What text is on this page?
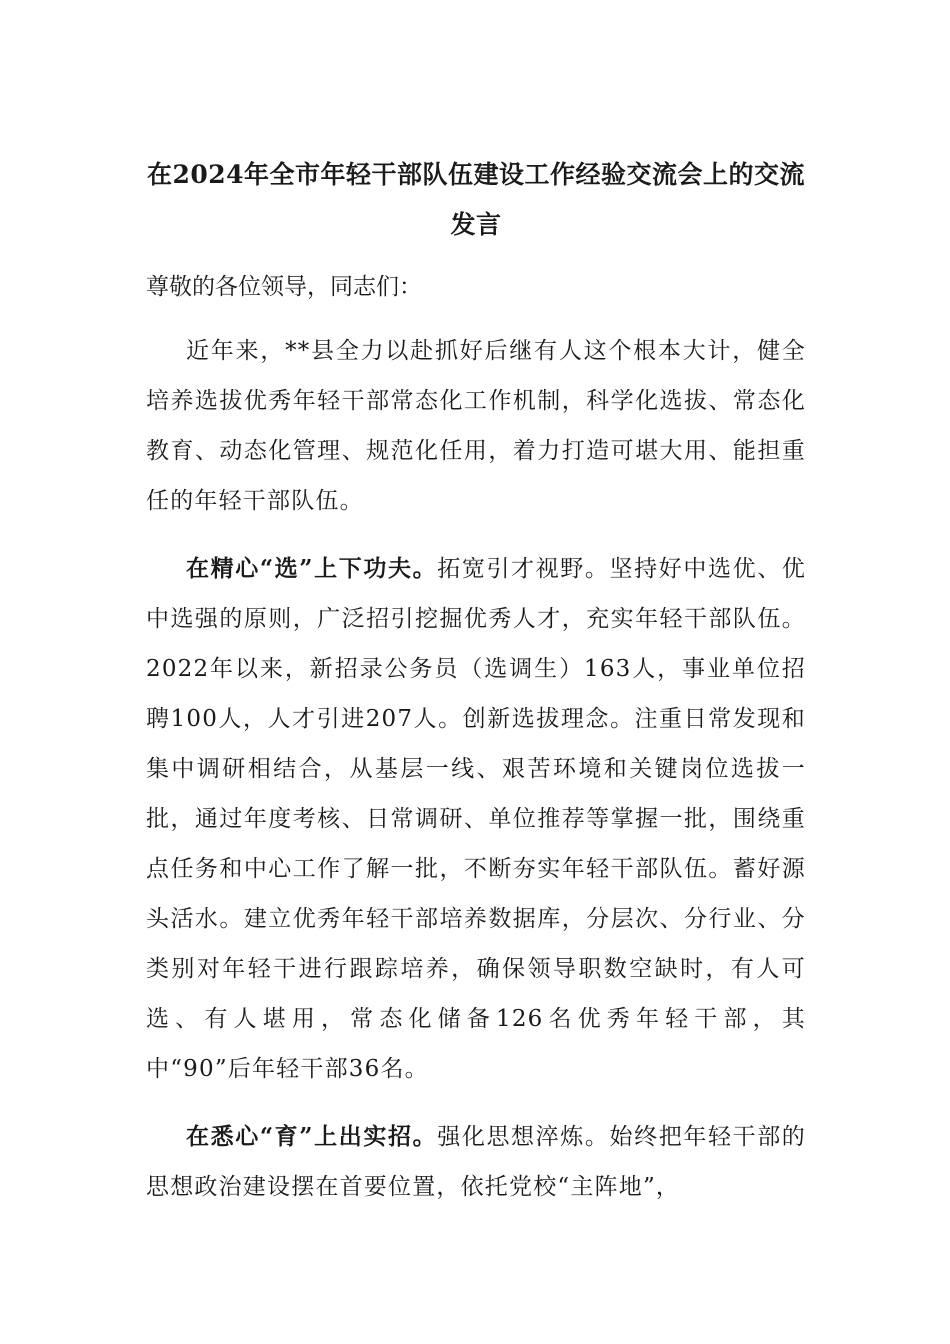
在2024年全市年轻干部队伍建设工作经验交流会上的交流发言

尊敬的各位领导，同志们：

近年来，**县全力以赴抓好后继有人这个根本大计，健全培养选拔优秀年轻干部常态化工作机制，科学化选拔、常态化教育、动态化管理、规范化任用，着力打造可堪大用、能担重任的年轻干部队伍。

在精心“选”上下功夫。拓宽引才视野。坚持好中选优、优中选强的原则，广泛招引挖掘优秀人才，充实年轻干部队伍。2022年以来，新招录公务员（选调生）163人，事业单位招聘100人，人才引进207人。创新选拔理念。注重日常发现和集中调研相结合，从基层一线、艰苦环境和关键岗位选拔一批，通过年度考核、日常调研、单位推荐等掌握一批，围绕重点任务和中心工作了解一批，不断夯实年轻干部队伍。蓄好源头活水。建立优秀年轻干部培养数据库，分层次、分行业、分类别对年轻干进行跟踪培养，确保领导职数空缺时，有人可选、有人堪用，常态化储备126名优秀年轻干部，其中“90”后年轻干部36名。

在悉心“育”上出实招。强化思想淬炼。始终把年轻干部的思想政治建设摆在首要位置，依托党校“主阵地”，
